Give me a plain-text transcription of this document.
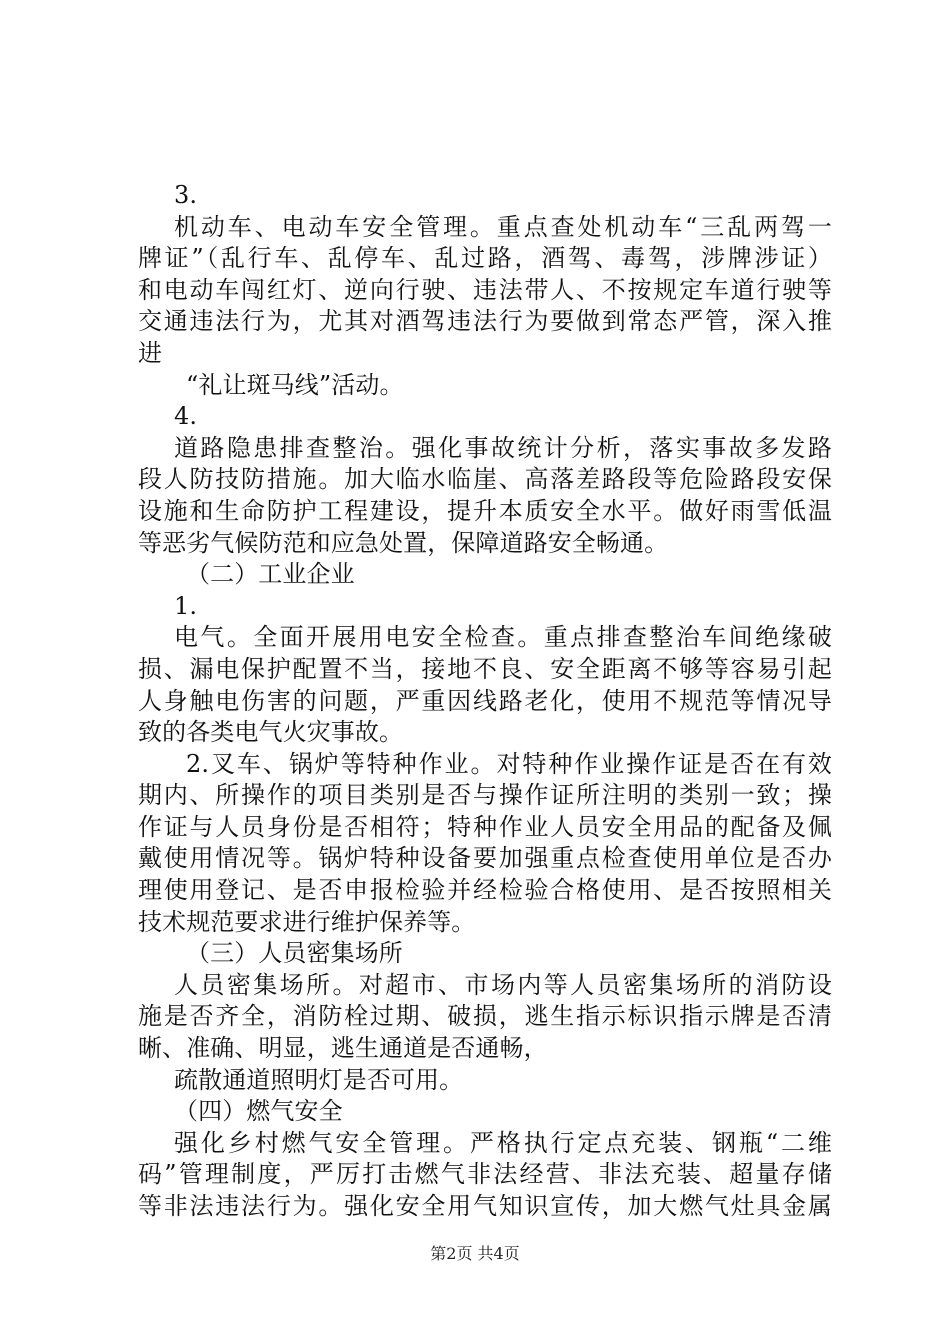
3.
机动车、电动车安全管理。重点查处机动车“三乱两驾一
牌证”（乱行车、乱停车、乱过路，酒驾、毒驾，涉牌涉证）
和电动车闯红灯、逆向行驶、违法带人、不按规定车道行驶等
交通违法行为，尤其对酒驾违法行为要做到常态严管，深入推
进
“礼让斑马线”活动。
4.
道路隐患排查整治。强化事故统计分析，落实事故多发路
段人防技防措施。加大临水临崖、高落差路段等危险路段安保
设施和生命防护工程建设，提升本质安全水平。做好雨雪低温
等恶劣气候防范和应急处置，保障道路安全畅通。
（二）工业企业
1.
电气。全面开展用电安全检查。重点排查整治车间绝缘破
损、漏电保护配置不当，接地不良、安全距离不够等容易引起
人身触电伤害的问题，严重因线路老化，使用不规范等情况导
致的各类电气火灾事故。
2.叉车、锅炉等特种作业。对特种作业操作证是否在有效
期内、所操作的项目类别是否与操作证所注明的类别一致；操
作证与人员身份是否相符；特种作业人员安全用品的配备及佩
戴使用情况等。锅炉特种设备要加强重点检查使用单位是否办
理使用登记、是否申报检验并经检验合格使用、是否按照相关
技术规范要求进行维护保养等。
（三）人员密集场所
人员密集场所。对超市、市场内等人员密集场所的消防设
施是否齐全，消防栓过期、破损，逃生指示标识指示牌是否清
晰、准确、明显，逃生通道是否通畅，
疏散通道照明灯是否可用。
（四）燃气安全
强化乡村燃气安全管理。严格执行定点充装、钢瓶“二维
码”管理制度，严厉打击燃气非法经营、非法充装、超量存储
等非法违法行为。强化安全用气知识宣传，加大燃气灶具金属
第2页 共4页
